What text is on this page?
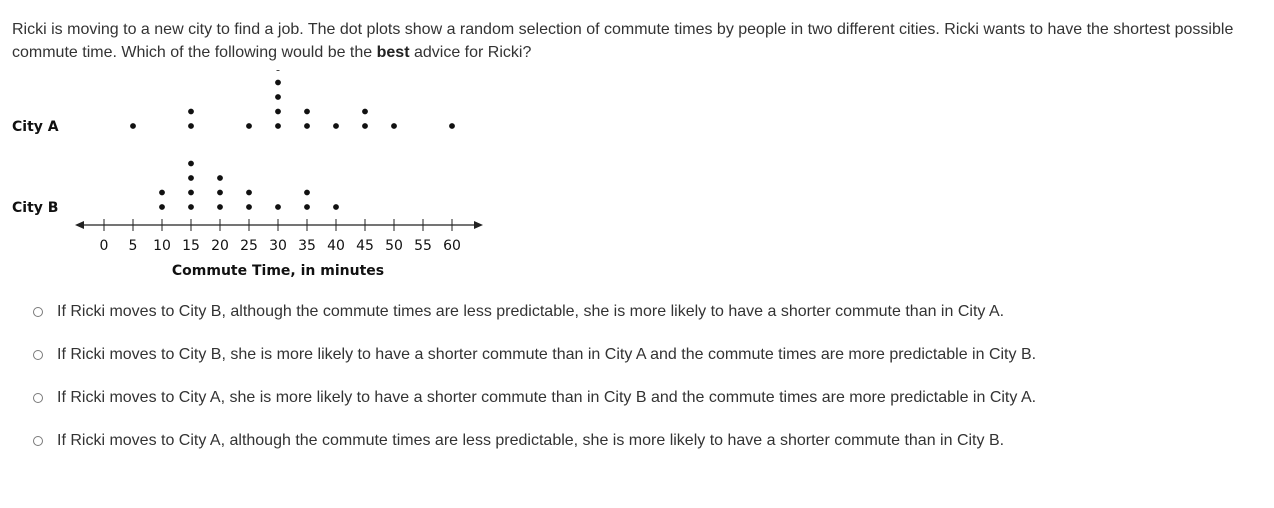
Ricki is moving to a new city to find a job. The dot plots show a random selection of commute times by people in two different cities. Ricki wants to have the shortest possible commute time. Which of the following would be the best advice for Ricki?
City A
City B
0 5 10 15 20 25 30 35 40 45 50 55 60
Commute Time, in minutes
If Ricki moves to City B, although the commute times are less predictable, she is more likely to have a shorter commute than in City A.
If Ricki moves to City B, she is more likely to have a shorter commute than in City A and the commute times are more predictable in City B.
If Ricki moves to City A, she is more likely to have a shorter commute than in City B and the commute times are more predictable in City A.
If Ricki moves to City A, although the commute times are less predictable, she is more likely to have a shorter commute than in City B.
